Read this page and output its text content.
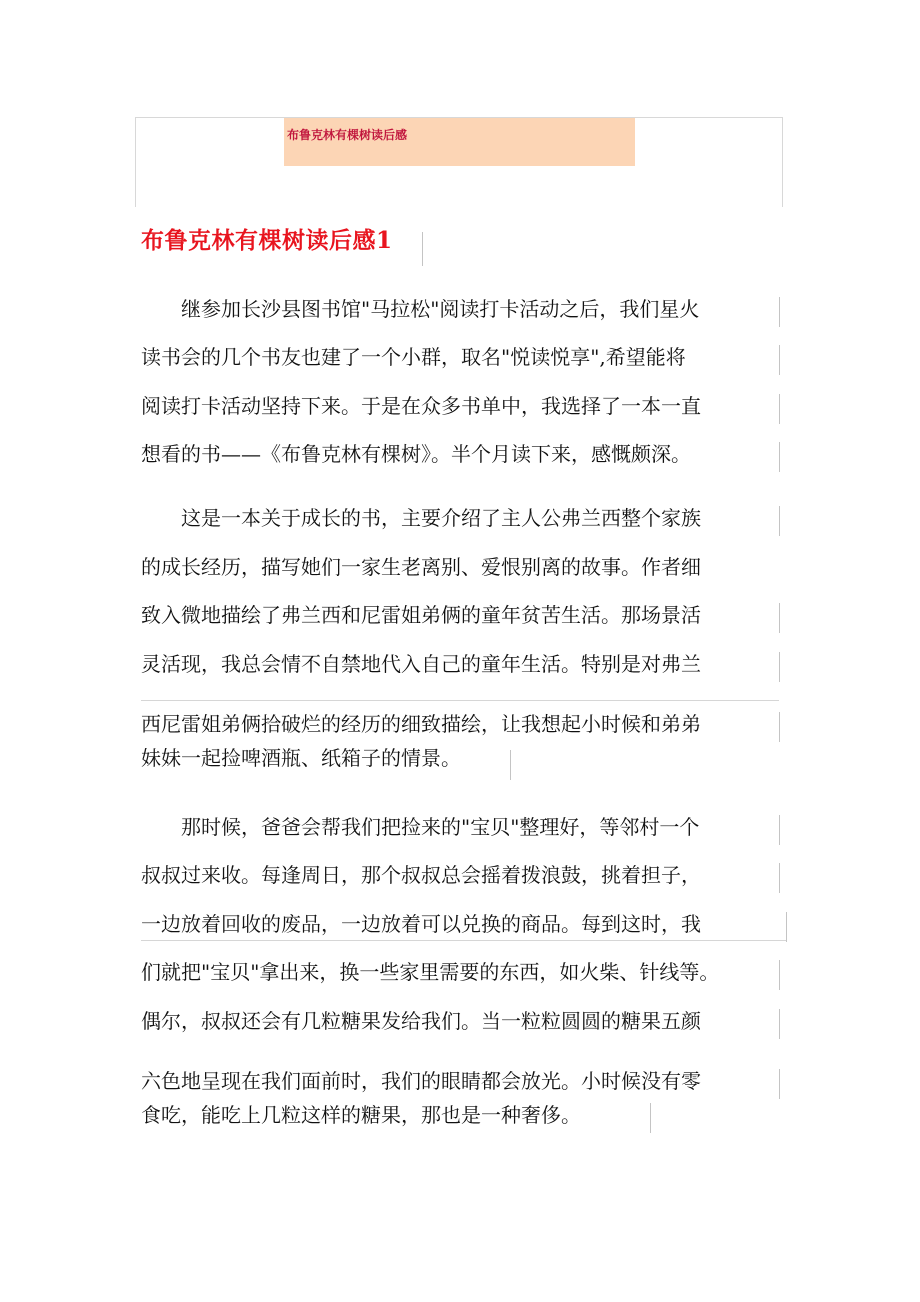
布鲁克林有棵树读后感
布鲁克林有棵树读后感1
　　继参加长沙县图书馆"马拉松"阅读打卡活动之后，我们星火
读书会的几个书友也建了一个小群，取名"悦读悦享",希望能将
阅读打卡活动坚持下来。于是在众多书单中，我选择了一本一直
想看的书——《布鲁克林有棵树》。半个月读下来，感慨颇深。
　　这是一本关于成长的书，主要介绍了主人公弗兰西整个家族
的成长经历，描写她们一家生老离别、爱恨别离的故事。作者细
致入微地描绘了弗兰西和尼雷姐弟俩的童年贫苦生活。那场景活
灵活现，我总会情不自禁地代入自己的童年生活。特别是对弗兰
西尼雷姐弟俩拾破烂的经历的细致描绘，让我想起小时候和弟弟
妹妹一起捡啤酒瓶、纸箱子的情景。
　　那时候，爸爸会帮我们把捡来的"宝贝"整理好，等邻村一个
叔叔过来收。每逢周日，那个叔叔总会摇着拨浪鼓，挑着担子，
一边放着回收的废品，一边放着可以兑换的商品。每到这时，我
们就把"宝贝"拿出来，换一些家里需要的东西，如火柴、针线等。
偶尔，叔叔还会有几粒糖果发给我们。当一粒粒圆圆的糖果五颜
六色地呈现在我们面前时，我们的眼睛都会放光。小时候没有零
食吃，能吃上几粒这样的糖果，那也是一种奢侈。
